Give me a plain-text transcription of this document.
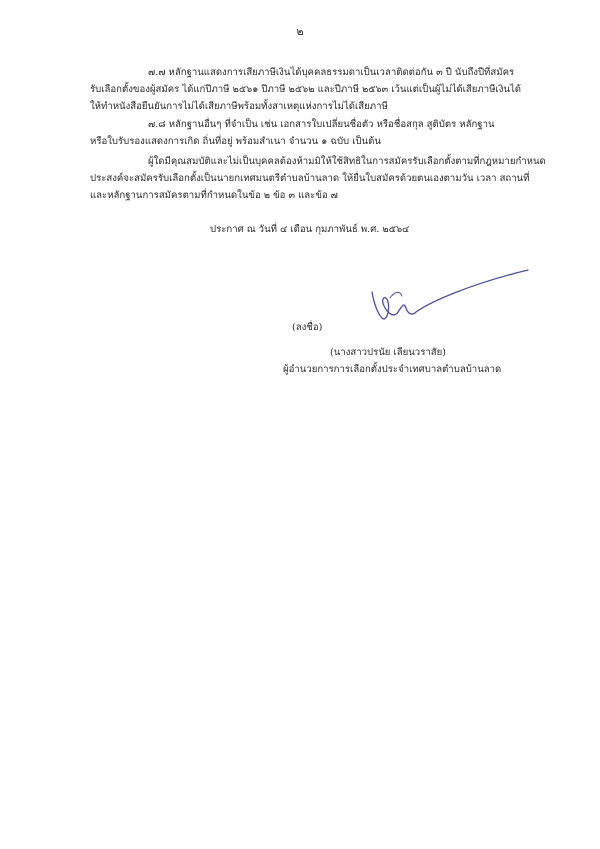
๒

๗.๗ หลักฐานแสดงการเสียภาษีเงินได้บุคคลธรรมดาเป็นเวลาติดต่อกัน ๓ ปี นับถึงปีที่สมัคร
รับเลือกตั้งของผู้สมัคร ได้แก่ปีภาษี ๒๕๖๑ ปีภาษี ๒๕๖๒ และปีภาษี ๒๕๖๓ เว้นแต่เป็นผู้ไม่ได้เสียภาษีเงินได้
ให้ทำหนังสือยืนยันการไม่ได้เสียภาษีพร้อมทั้งสาเหตุแห่งการไม่ได้เสียภาษี

๗.๘ หลักฐานอื่นๆ ที่จำเป็น เช่น เอกสารใบเปลี่ยนชื่อตัว หรือชื่อสกุล สูติบัตร หลักฐาน
หรือใบรับรองแสดงการเกิด ถิ่นที่อยู่ พร้อมสำเนา จำนวน ๑ ฉบับ เป็นต้น

ผู้ใดมีคุณสมบัติและไม่เป็นบุคคลต้องห้ามมิให้ใช้สิทธิในการสมัครรับเลือกตั้งตามที่กฎหมายกำหนด
ประสงค์จะสมัครรับเลือกตั้งเป็นนายกเทศมนตรีตำบลบ้านลาด ให้ยื่นใบสมัครด้วยตนเองตามวัน เวลา สถานที่
และหลักฐานการสมัครตามที่กำหนดในข้อ ๒ ข้อ ๓ และข้อ ๗

ประกาศ ณ วันที่ ๔ เดือน กุมภาพันธ์ พ.ศ. ๒๕๖๔
(ลงชื่อ)
(นางสาวปรนัย เลียนวราสัย)
ผู้อำนวยการการเลือกตั้งประจำเทศบาลตำบลบ้านลาด
